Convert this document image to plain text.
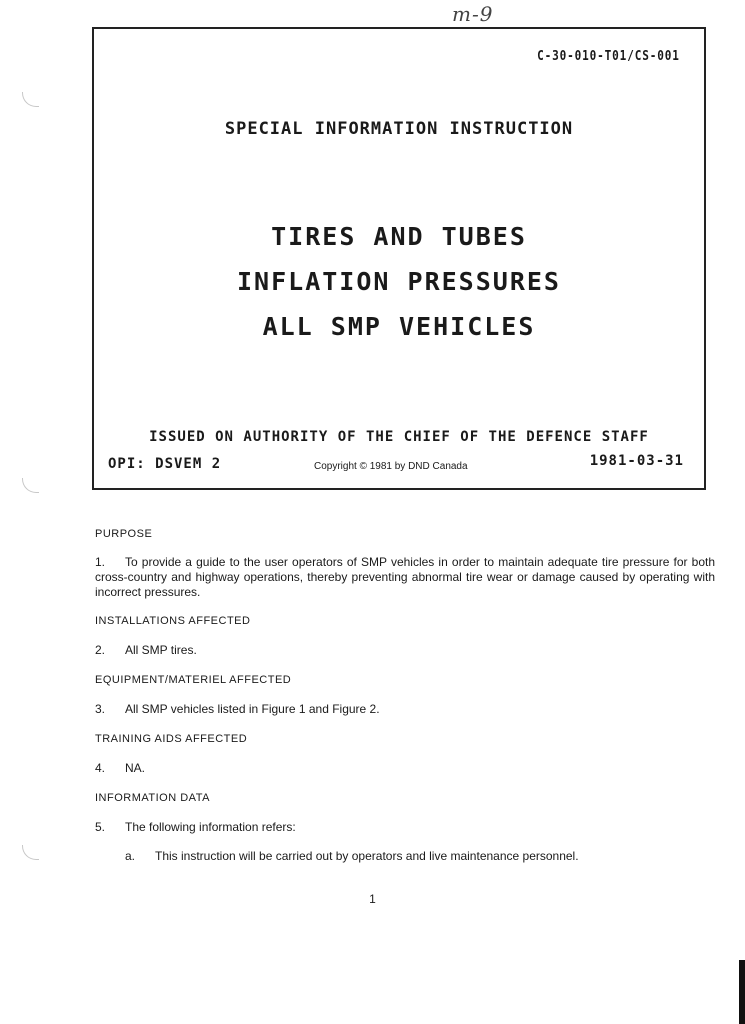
m-9
C-30-010-T01/CS-001
SPECIAL INFORMATION INSTRUCTION
TIRES AND TUBES
INFLATION PRESSURES
ALL SMP VEHICLES
ISSUED ON AUTHORITY OF THE CHIEF OF THE DEFENCE STAFF
OPI: DSVEM 2	Copyright © 1981 by DND Canada	1981-03-31
PURPOSE
1. To provide a guide to the user operators of SMP vehicles in order to maintain adequate tire pressure for both cross-country and highway operations, thereby preventing abnormal tire wear or damage caused by operating with incorrect pressures.
INSTALLATIONS AFFECTED
2. All SMP tires.
EQUIPMENT/MATERIEL AFFECTED
3. All SMP vehicles listed in Figure 1 and Figure 2.
TRAINING AIDS AFFECTED
4. NA.
INFORMATION DATA
5. The following information refers:
a. This instruction will be carried out by operators and live maintenance personnel.
1
